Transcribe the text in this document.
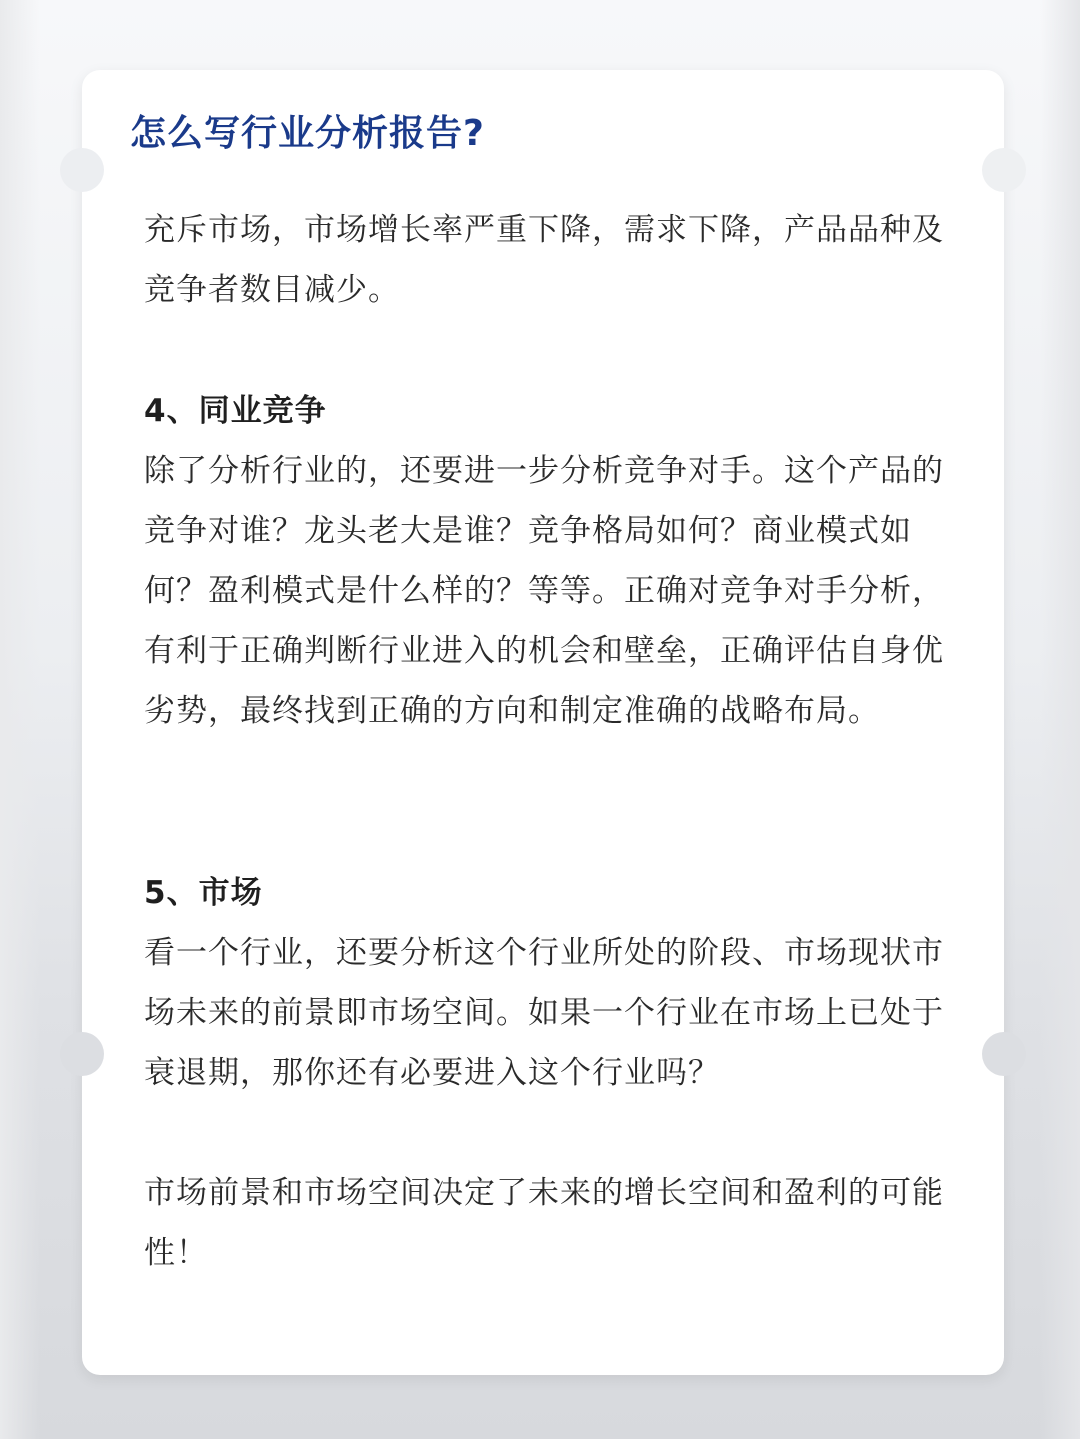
怎么写行业分析报告?

充斥市场，市场增长率严重下降，需求下降，产品品种及竞争者数目减少。

4、同业竞争

除了分析行业的，还要进一步分析竞争对手。这个产品的竞争对谁？龙头老大是谁？竞争格局如何？商业模式如何？盈利模式是什么样的？等等。正确对竞争对手分析，有利于正确判断行业进入的机会和壁垒，正确评估自身优劣势，最终找到正确的方向和制定准确的战略布局。

5、市场

看一个行业，还要分析这个行业所处的阶段、市场现状市场未来的前景即市场空间。如果一个行业在市场上已处于衰退期，那你还有必要进入这个行业吗？

市场前景和市场空间决定了未来的增长空间和盈利的可能性！
